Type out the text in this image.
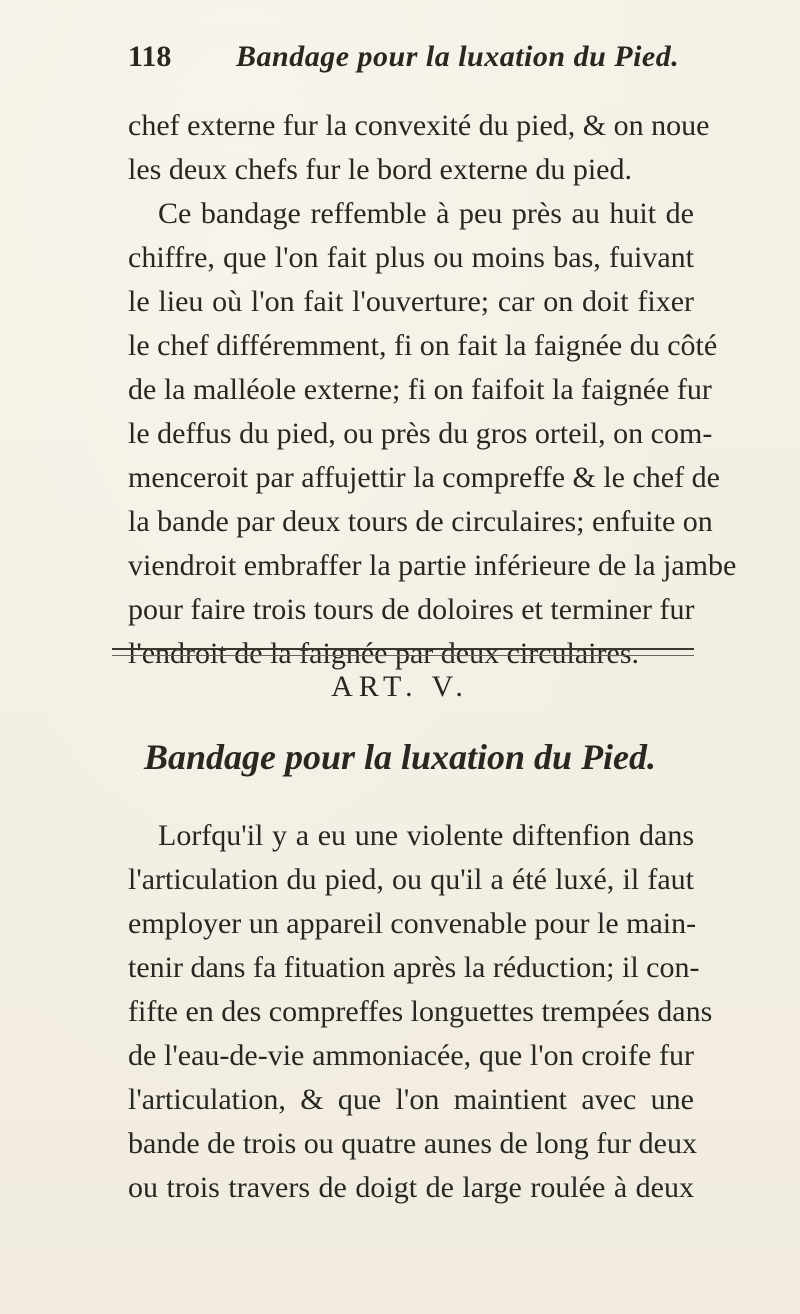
118 Bandage pour la luxation du Pied.
chef externe fur la convexité du pied, & on noue
les deux chefs fur le bord externe du pied.
Ce bandage reffemble à peu près au huit de
chiffre, que l'on fait plus ou moins bas, fuivant
le lieu où l'on fait l'ouverture; car on doit fixer
le chef différemment, fi on fait la faignée du côté
de la malléole externe; fi on faifoit la faignée fur
le deffus du pied, ou près du gros orteil, on com-
menceroit par affujettir la compreffe & le chef de
la bande par deux tours de circulaires; enfuite on
viendroit embraffer la partie inférieure de la jambe
pour faire trois tours de doloires et terminer fur
l'endroit de la faignée par deux circulaires.
ART. V.
Bandage pour la luxation du Pied.
Lorfqu'il y a eu une violente diftenfion dans
l'articulation du pied, ou qu'il a été luxé, il faut
employer un appareil convenable pour le main-
tenir dans fa fituation après la réduction; il con-
fifte en des compreffes longuettes trempées dans
de l'eau-de-vie ammoniacée, que l'on croife fur
l'articulation, & que l'on maintient avec une
bande de trois ou quatre aunes de long fur deux
ou trois travers de doigt de large roulée à deux
